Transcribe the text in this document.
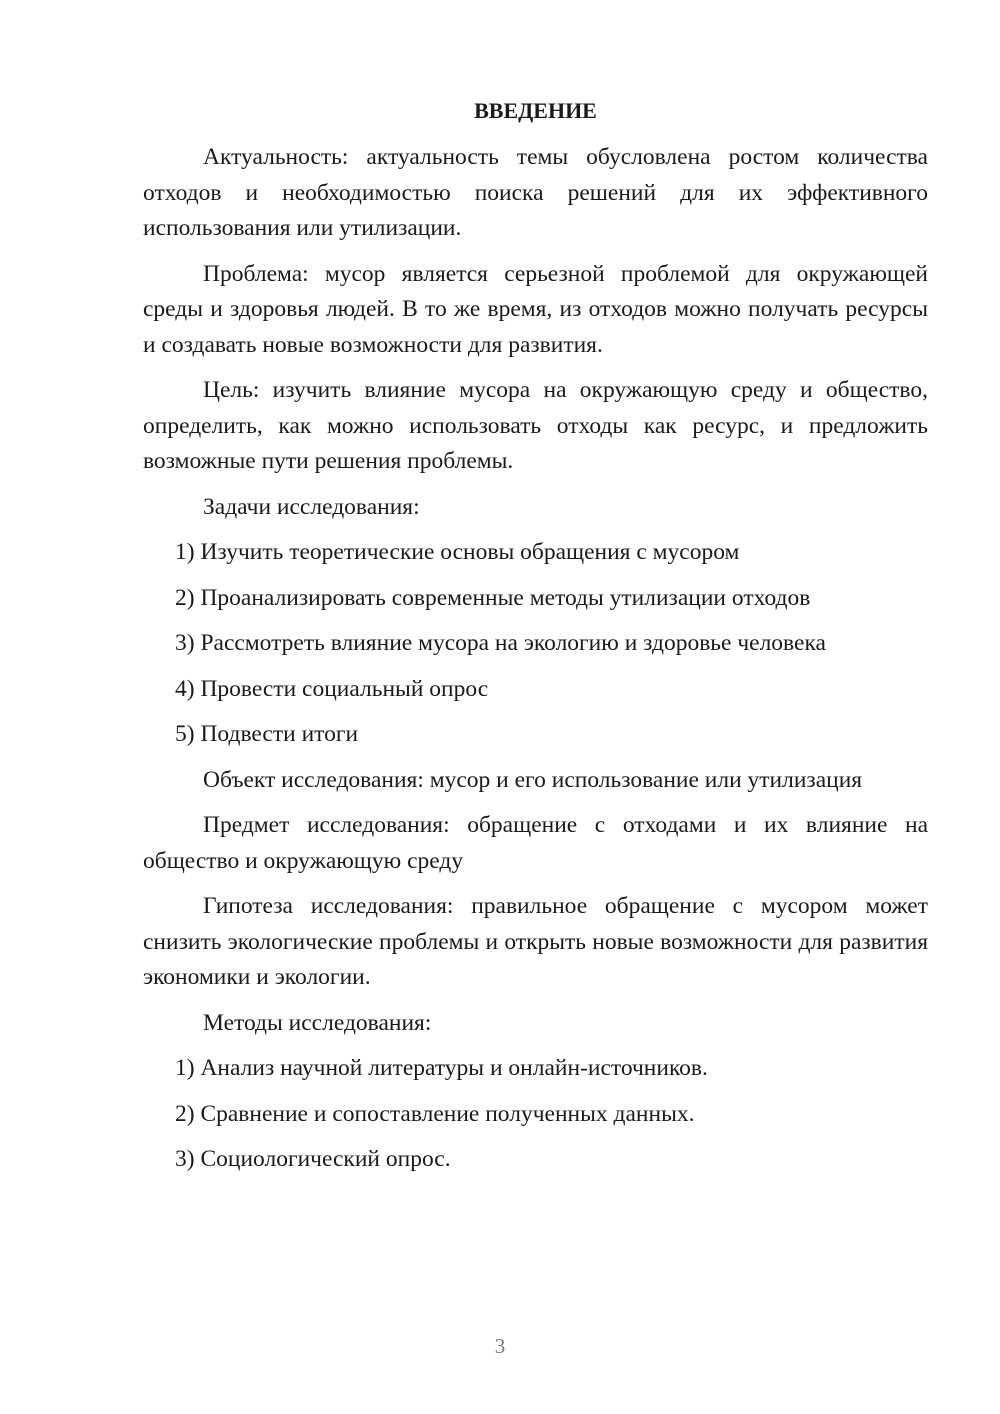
ВВЕДЕНИЕ

Актуальность: актуальность темы обусловлена ростом количества отходов и необходимостью поиска решений для их эффективного использования или утилизации.

Проблема: мусор является серьезной проблемой для окружающей среды и здоровья людей. В то же время, из отходов можно получать ресурсы и создавать новые возможности для развития.

Цель: изучить влияние мусора на окружающую среду и общество, определить, как можно использовать отходы как ресурс, и предложить возможные пути решения проблемы.

Задачи исследования:

1) Изучить теоретические основы обращения с мусором
2) Проанализировать современные методы утилизации отходов
3) Рассмотреть влияние мусора на экологию и здоровье человека
4) Провести социальный опрос
5) Подвести итоги

Объект исследования: мусор и его использование или утилизация

Предмет исследования: обращение с отходами и их влияние на общество и окружающую среду

Гипотеза исследования: правильное обращение с мусором может снизить экологические проблемы и открыть новые возможности для развития экономики и экологии.

Методы исследования:

1) Анализ научной литературы и онлайн-источников.
2) Сравнение и сопоставление полученных данных.
3) Социологический опрос.
3
